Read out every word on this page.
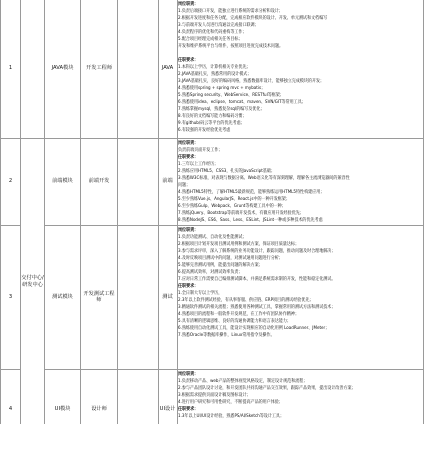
交付中心/研发中心
1	JAVA模块	开发工程师	JAVA
岗位职责：
1.负责后端接口开发，能独立进行系统的需求分析和设计；
2.根据开发进度和任务分配，完成相应软件模块的设计、开发、单元测试和文档编写
3.与前端开发人员进行沟通以完成接口联调；
4.负责程序的优化和代码重构等工作；
5.配合项目经理完成相关任务目标；
开发和维护系统平台与组件，按照项目进度完成技术问题。
任职要求：
1.本科以上学历，计算机相关专业优先；
2.JAVA基础扎实，熟悉常用的设计模式；
3.JAVA基础扎实，良好的编码风格，熟悉数据库设计，能够独立完成模块的开发；
4.熟悉使用spring + spring mvc + mybatis；
5.熟悉Spring security、WebService、RESTful等框架；
6.熟悉使用idea、eclipse、tomcat、maven、SVN/GIT等常用工具；
7.熟练掌握mysql，熟悉复杂sql的编写及优化；
8.有良好的文档编写能力和编码习惯；
9.有github/码云等平台的优先考虑；
6.有较强的开发经验优先考虑
2	前端模块	前端开发	前端
岗位职责：
负责前端页面开发工作；
任职要求：
1.三年以上工作经历；
2.熟练应用HTML5、CSS3，扎实的JavaScript基础；
3.熟悉W3C标准，对表现与数据分离、Web语义化等有深刻理解，理解各主流浏览器间的兼容性
问题；
4.熟悉HTML5特性，了解HTML5最新规范，能够熟练运用HTML5特性构建应用；
5.至少熟练Vue.js、AngularJS、React.js中的一种开发框架；
6.至少熟练Gulp、Webpack、Grunt等构建工具中的一种；
7.熟练jQuery、Bootstrap等前端开发技术，有微应用开发经验优先；
8.熟悉NodeJS、ES6、Sass、Less、ESLint、JSLint一种或多种技术的优先考虑
3	测试模块	开发测试工程师	测试
岗位职责：
1.负责功能测试、自动化及性能测试；
2.根据项目计划开发项目测试用例和测试方案，保证项目质量达标；
3.参与需求评审，深入了解系统的业务功能设计，跟踪问题，推动问题及时合理地解决；
4.及时反映项目测试中的问题，对测试通用问题进行分析；
5.能够完善测试用例，能提出问题的解决方案；
6.提高测试效率，对测试效率负责；
7.应对日常工作需要自己编排测试脚本，并满足系统需求制的开发，性能和稳定化测试。
任职要求：
1.全日制大专以上学历，
2.3年以上软件测试经验，有从事客服、供应链、ERP项目的测试经验优先；
3.精通软件测试的相关流程；熟悉使用各种测试工具，掌握常用的测试方法和测试技术；
4.熟悉项目的流程和一般软件开发规范，在工作中有团队协作精神；
5.具有清晰的逻辑思维、良好的沟通协调能力和语言表达能力；
6.熟练使用自动化测试工具，能设计实现相应的自动化用例 LoadRunner、JMeter；
7.熟悉Oracle等数据库操作，Linux常用指令及操作。
4	UI模块	设计师	UI设计
岗位职责：
1.负责移动产品、web产品的整体视觉风格设定，制定设计规范和流程；
2.参与产品团队设计讨论，和开发团队共同沟通产品交互效果，跟踪产品效果，提出设计改善方案；
3.根据需求提供页面设计稿及图标设计；
4.进行用户研究和可用性研究，不断提高产品的用户体验；
任职要求：
1.3年以上UI/UI设计经验，熟悉PS/AI/Sketch等设计工具；
